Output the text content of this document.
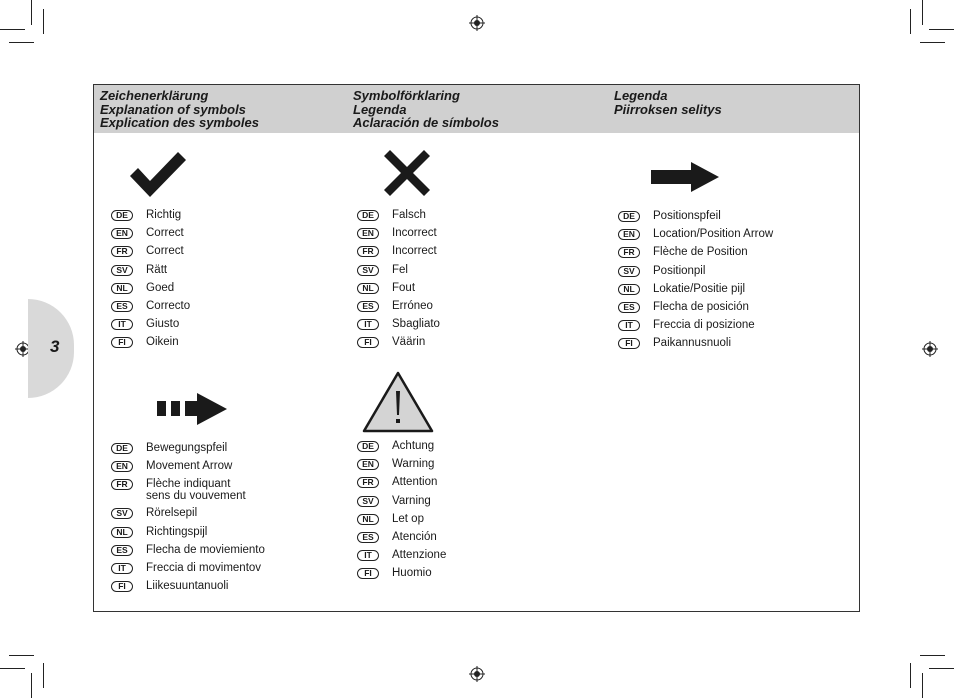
3
Zeichenerklärung
Explanation of symbols
Explication des symboles
Symbolförklaring
Legenda
Aclaración de símbolos
Legenda
Piirroksen selitys
DE	Richtig
EN	Correct
FR	Correct
SV	Rätt
NL	Goed
ES	Correcto
IT	Giusto
FI	Oikein
DE	Falsch
EN	Incorrect
FR	Incorrect
SV	Fel
NL	Fout
ES	Erróneo
IT	Sbagliato
FI	Väärin
DE	Positionspfeil
EN	Location/Position Arrow
FR	Flèche de Position
SV	Positionpil
NL	Lokatie/Positie pijl
ES	Flecha de posición
IT	Freccia di posizione
FI	Paikannusnuoli
DE	Bewegungspfeil
EN	Movement Arrow
FR	Flèche indiquant
sens du vouvement
SV	Rörelsepil
NL	Richtingspijl
ES	Flecha de moviemiento
IT	Freccia di movimentov
FI	Liikesuuntanuoli
DE	Achtung
EN	Warning
FR	Attention
SV	Varning
NL	Let op
ES	Atención
IT	Attenzione
FI	Huomio
